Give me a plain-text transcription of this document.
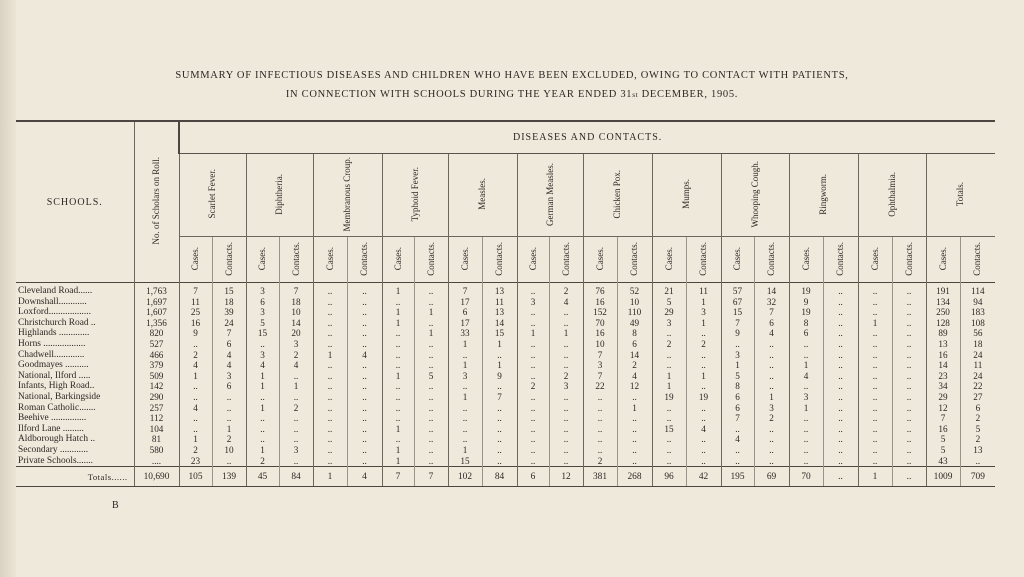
SUMMARY OF INFECTIOUS DISEASES AND CHILDREN WHO HAVE BEEN EXCLUDED, OWING TO CONTACT WITH PATIENTS,
IN CONNECTION WITH SCHOOLS DURING THE YEAR ENDED 31st DECEMBER, 1905.
SCHOOLS.	No. of Scholars on Roll.	DISEASES AND CONTACTS.																							
		Scarlet Fever.		Diphtheria.		Membranous Croup.		Typhoid Fever.		Measles.		German Measles.		Chicken Pox.		Mumps.		Whooping Cough.		Ringworm.		Ophthalmia.		Totals.	
		Cases.	Contacts.	Cases.	Contacts.	Cases.	Contacts.	Cases.	Contacts.	Cases.	Contacts.	Cases.	Contacts.	Cases.	Contacts.	Cases.	Contacts.	Cases.	Contacts.	Cases.	Contacts.	Cases.	Contacts.	Cases.	Contacts.
Cleveland Road......	1,763	7	15	3	7	..	..	1	..	7	13	..	2	76	52	21	11	57	14	19	..	..	..	191	114
Downshall............	1,697	11	18	6	18	..	..	..	..	17	11	3	4	16	10	5	1	67	32	9	..	..	..	134	94
Loxford..................	1,607	25	39	3	10	..	..	1	1	6	13	..	..	152	110	29	3	15	7	19	..	..	..	250	183
Christchurch Road ..	1,356	16	24	5	14	..	..	1	..	17	14	..	..	70	49	3	1	7	6	8	..	1	..	128	108
Highlands .............	820	9	7	15	20	..	..	..	1	33	15	1	1	16	8	..	..	9	4	6	..	..	..	89	56
Horns ..................	527	..	6	..	3	..	..	..	..	1	1	..	..	10	6	2	2	..	..	..	..	..	..	13	18
Chadwell.............	466	2	4	3	2	1	4	..	..	..	..	..	..	7	14	..	..	3	..	..	..	..	..	16	24
Goodmayes ..........	379	4	4	4	4	..	..	..	..	1	1	..	..	3	2	..	..	1	..	1	..	..	..	14	11
National, Ilford .....	509	1	3	1	..	..	..	1	5	3	9	..	2	7	4	1	1	5	..	4	..	..	..	23	24
Infants, High Road..	142	..	6	1	1	..	..	..	..	..	..	2	3	22	12	1	..	8	..	..	..	..	..	34	22
National, Barkingside	290	..	..	..	..	..	..	..	..	1	7	..	..	..	..	19	19	6	1	3	..	..	..	29	27
Roman Catholic.......	257	4	..	1	2	..	..	..	..	..	..	..	..	..	1	..	..	6	3	1	..	..	..	12	6
Beehive ...............	112	..	..	..	..	..	..	..	..	..	..	..	..	..	..	..	..	7	2	..	..	..	..	7	2
Ilford Lane .........	104	..	1	..	..	..	..	1	..	..	..	..	..	..	..	15	4	..	..	..	..	..	..	16	5
Aldborough Hatch ..	81	1	2	..	..	..	..	..	..	..	..	..	..	..	..	..	..	4	..	..	..	..	..	5	2
Secondary ............	580	2	10	1	3	..	..	1	..	1	..	..	..	..	..	..	..	..	..	..	..	..	..	5	13
Private Schools.......	....	23	..	2	..	..	..	1	..	15	..	..	..	2	..	..	..	..	..	..	..	..	..	43	..
Totals......	10,690	105	139	45	84	1	4	7	7	102	84	6	12	381	268	96	42	195	69	70	..	1	..	1009	709
B
